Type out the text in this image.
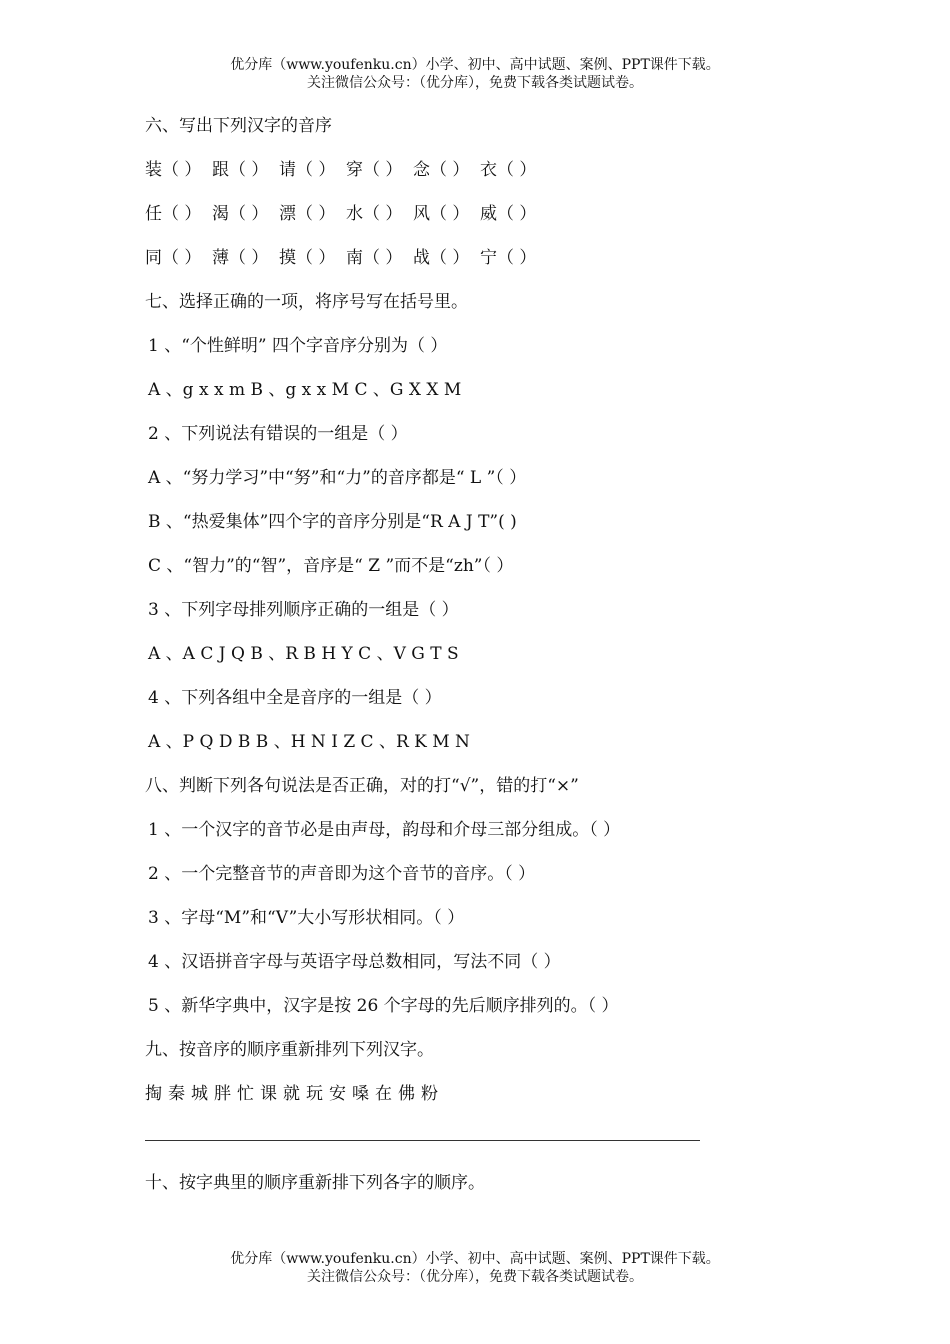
优分库（www.youfenku.cn）小学、初中、高中试题、案例、PPT课件下载。
关注微信公众号：（优分库），免费下载各类试题试卷。
六、写出下列汉字的音序
装（ ） 跟（ ） 请（ ） 穿（ ） 念（ ） 衣（ ）
任（ ） 渴（ ） 漂（ ） 水（ ） 风（ ） 威（ ）
同（ ） 薄（ ） 摸（ ） 南（ ） 战（ ） 宁（ ）
七、选择正确的一项，将序号写在括号里。
1 、“个性鲜明” 四个字音序分别为（ ）
A 、g x x m B 、g x x M C 、G X X M
2 、下列说法有错误的一组是（ ）
A 、“努力学习”中“努”和“力”的音序都是“ L ”（ ）
B 、“热爱集体”四个字的音序分别是“R A J T”( )
C 、“智力”的“智”，音序是“ Z ”而不是“zh”（ ）
3 、下列字母排列顺序正确的一组是（ ）
A 、A C J Q B 、R B H Y C 、V G T S
4 、下列各组中全是音序的一组是（ ）
A 、P Q D B B 、H N I Z C 、R K M N
八、判断下列各句说法是否正确，对的打“√”，错的打“×”
1 、一个汉字的音节必是由声母，韵母和介母三部分组成。（ ）
2 、一个完整音节的声音即为这个音节的音序。（ ）
3 、字母“M”和“V”大小写形状相同。（ ）
4 、汉语拼音字母与英语字母总数相同，写法不同（ ）
5 、新华字典中，汉字是按 26 个字母的先后顺序排列的。（ ）
九、按音序的顺序重新排列下列汉字。
掏秦城胖忙课就玩安嗓在佛粉
十、按字典里的顺序重新排下列各字的顺序。
优分库（www.youfenku.cn）小学、初中、高中试题、案例、PPT课件下载。
关注微信公众号：（优分库），免费下载各类试题试卷。
